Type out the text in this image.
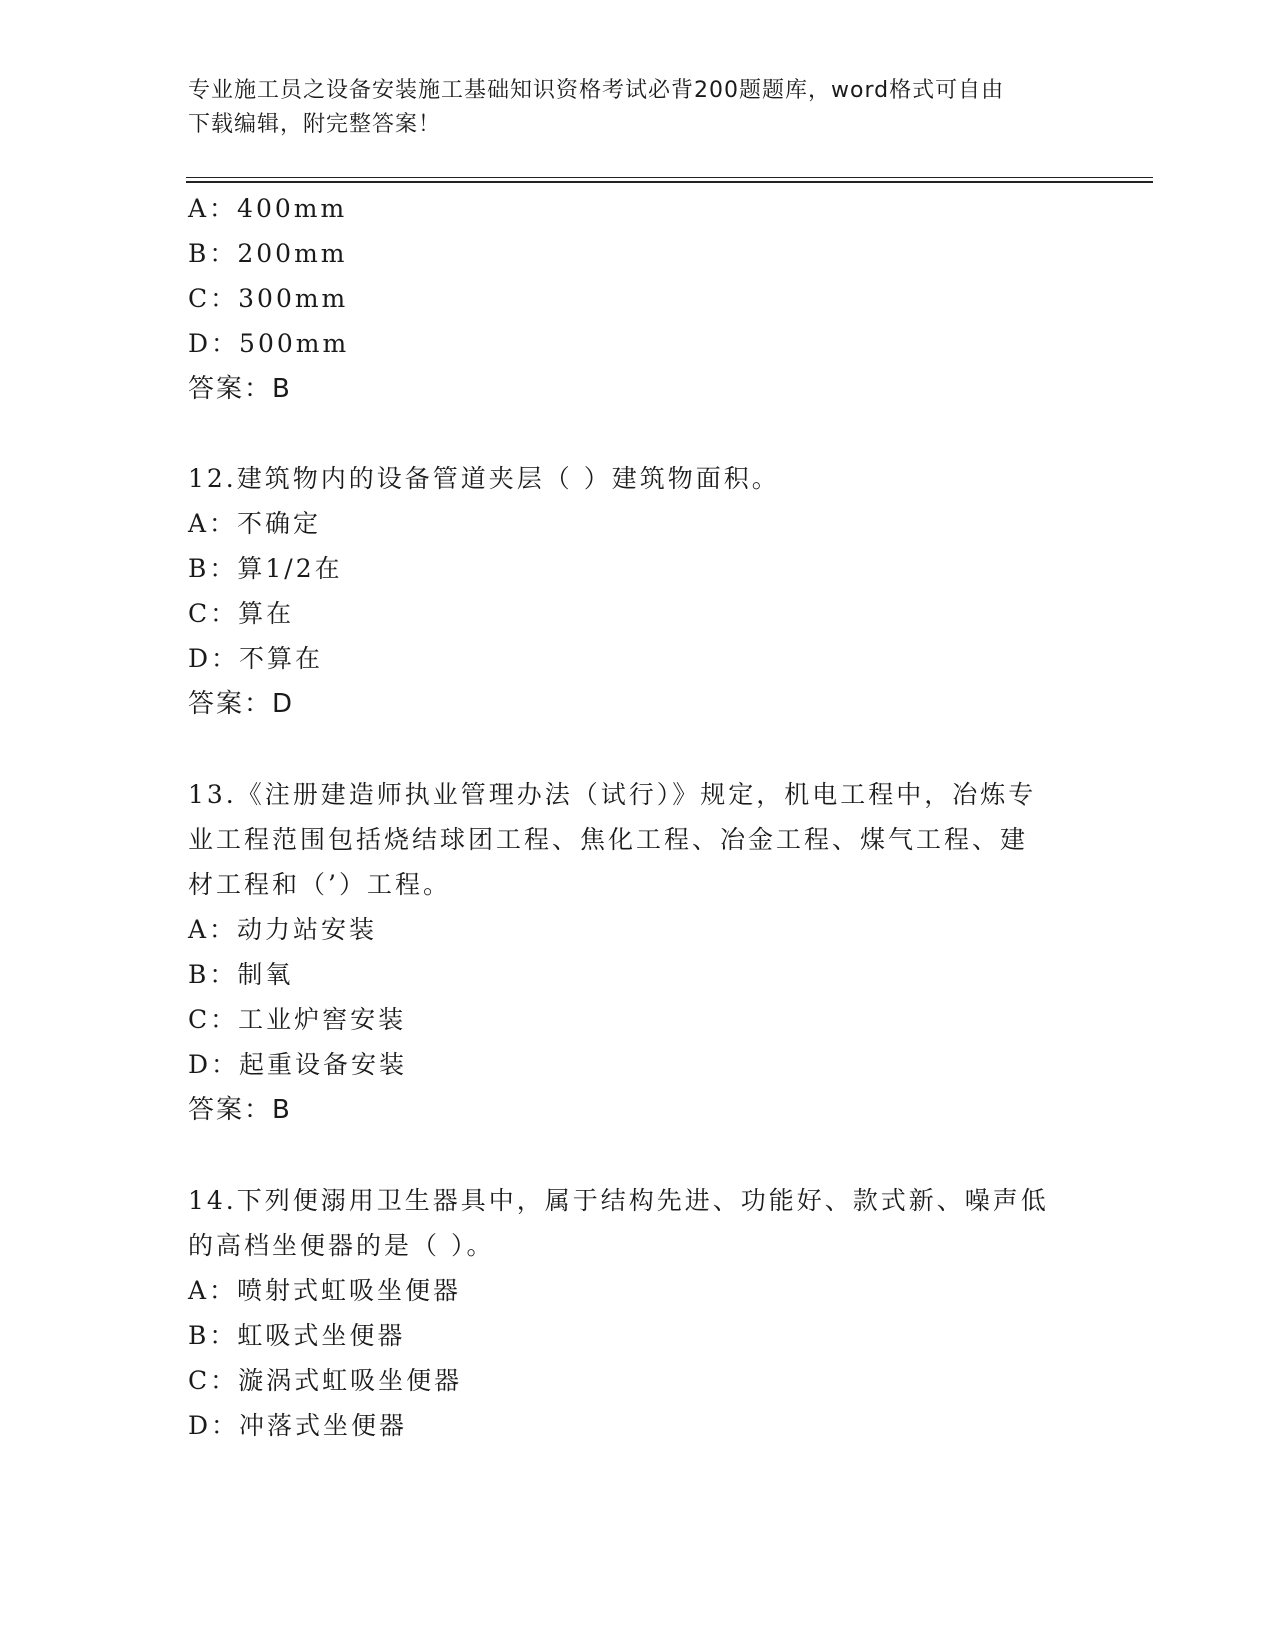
专业施工员之设备安装施工基础知识资格考试必背200题题库，word格式可自由
下载编辑，附完整答案！
A：400mm
B：200mm
C：300mm
D：500mm
答案：B
12.建筑物内的设备管道夹层（ ）建筑物面积。
A：不确定
B：算1/2在
C：算在
D：不算在
答案：D
13.《注册建造师执业管理办法（试行）》规定，机电工程中，冶炼专
业工程范围包括烧结球团工程、焦化工程、冶金工程、煤气工程、建
材工程和（’）工程。
A：动力站安装
B：制氧
C：工业炉窖安装
D：起重设备安装
答案：B
14.下列便溺用卫生器具中，属于结构先进、功能好、款式新、噪声低
的高档坐便器的是（ ）。
A：喷射式虹吸坐便器
B：虹吸式坐便器
C：漩涡式虹吸坐便器
D：冲落式坐便器
